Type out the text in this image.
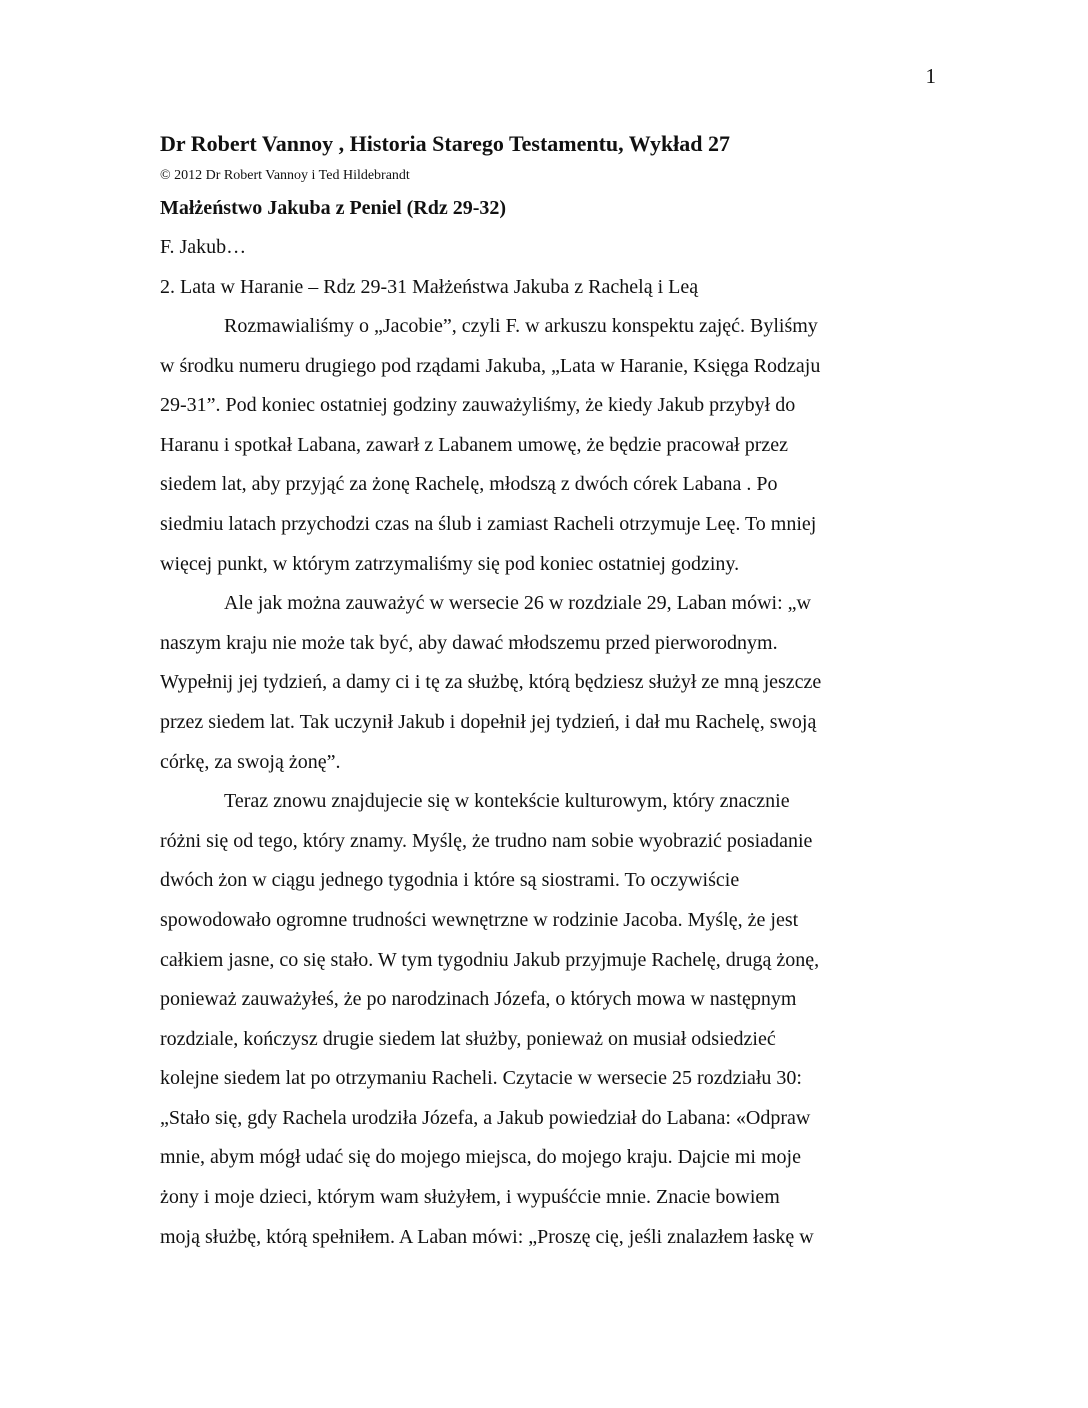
1
Dr Robert Vannoy , Historia Starego Testamentu, Wykład 27

© 2012 Dr Robert Vannoy i Ted Hildebrandt

Małżeństwo Jakuba z Peniel (Rdz 29-32)

F. Jakub…

2. Lata w Haranie – Rdz 29-31 Małżeństwa Jakuba z Rachelą i Leą

Rozmawialiśmy o „Jacobie”, czyli F. w arkuszu konspektu zajęć. Byliśmy
w środku numeru drugiego pod rządami Jakuba, „Lata w Haranie, Księga Rodzaju
29-31”. Pod koniec ostatniej godziny zauważyliśmy, że kiedy Jakub przybył do
Haranu i spotkał Labana, zawarł z Labanem umowę, że będzie pracował przez
siedem lat, aby przyjąć za żonę Rachelę, młodszą z dwóch córek Labana . Po
siedmiu latach przychodzi czas na ślub i zamiast Racheli otrzymuje Leę. To mniej
więcej punkt, w którym zatrzymaliśmy się pod koniec ostatniej godziny.

Ale jak można zauważyć w wersecie 26 w rozdziale 29, Laban mówi: „w
naszym kraju nie może tak być, aby dawać młodszemu przed pierworodnym.
Wypełnij jej tydzień, a damy ci i tę za służbę, którą będziesz służył ze mną jeszcze
przez siedem lat. Tak uczynił Jakub i dopełnił jej tydzień, i dał mu Rachelę, swoją
córkę, za swoją żonę”.

Teraz znowu znajdujecie się w kontekście kulturowym, który znacznie
różni się od tego, który znamy. Myślę, że trudno nam sobie wyobrazić posiadanie
dwóch żon w ciągu jednego tygodnia i które są siostrami. To oczywiście
spowodowało ogromne trudności wewnętrzne w rodzinie Jacoba. Myślę, że jest
całkiem jasne, co się stało. W tym tygodniu Jakub przyjmuje Rachelę, drugą żonę,
ponieważ zauważyłeś, że po narodzinach Józefa, o których mowa w następnym
rozdziale, kończysz drugie siedem lat służby, ponieważ on musiał odsiedzieć
kolejne siedem lat po otrzymaniu Racheli. Czytacie w wersecie 25 rozdziału 30:
„Stało się, gdy Rachela urodziła Józefa, a Jakub powiedział do Labana: «Odpraw
mnie, abym mógł udać się do mojego miejsca, do mojego kraju. Dajcie mi moje
żony i moje dzieci, którym wam służyłem, i wypuśćcie mnie. Znacie bowiem
moją służbę, którą spełniłem. A Laban mówi: „Proszę cię, jeśli znalazłem łaskę w
